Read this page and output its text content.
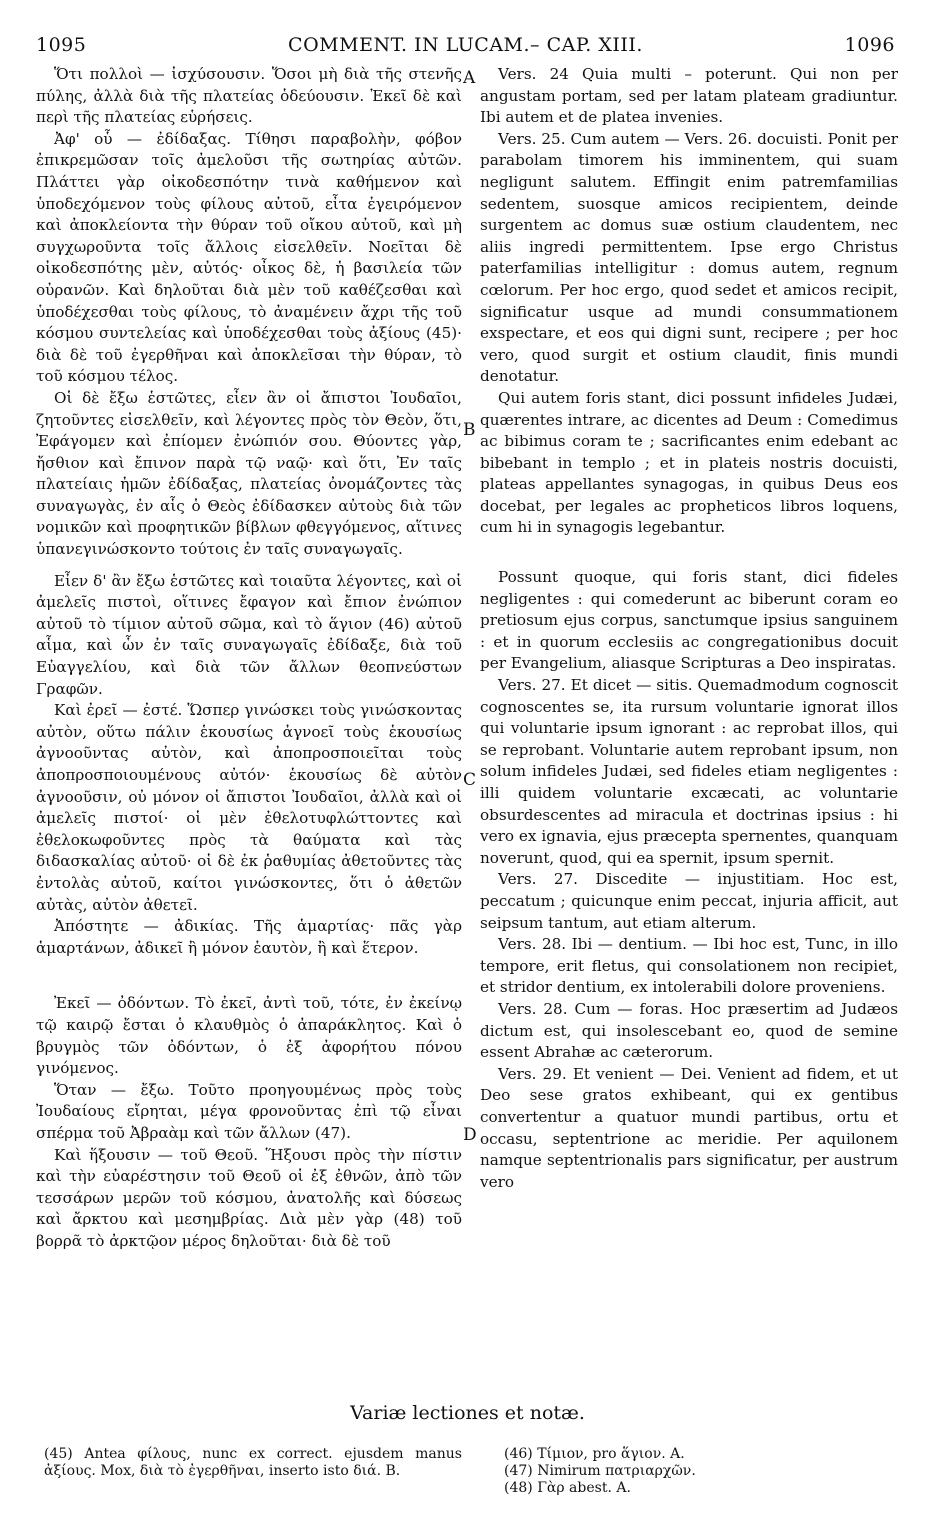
1095	COMMENT. IN LUCAM.– CAP. XIII.	1096
A
B
C
D

Ὅτι πολλοὶ — ἰσχύσουσιν. Ὅσοι μὴ διὰ τῆς στενῆς πύλης, ἀλλὰ διὰ τῆς πλατείας ὁδεύουσιν. Ἐκεῖ δὲ καὶ περὶ τῆς πλατείας εὑρήσεις.

Ἀφ' οὗ — ἐδίδαξας. Τίθησι παραβολὴν, φόβον ἐπικρεμῶσαν τοῖς ἀμελοῦσι τῆς σωτηρίας αὐτῶν. Πλάττει γὰρ οἰκοδεσπότην τινὰ καθήμενον καὶ ὑποδεχόμενον τοὺς φίλους αὐτοῦ, εἶτα ἐγειρόμενον καὶ ἀποκλείοντα τὴν θύραν τοῦ οἴκου αὐτοῦ, καὶ μὴ συγχωροῦντα τοῖς ἄλλοις εἰσελθεῖν. Νοεῖται δὲ οἰκοδεσπότης μὲν, αὐτός· οἶκος δὲ, ἡ βασιλεία τῶν οὐρανῶν. Καὶ δηλοῦται διὰ μὲν τοῦ καθέζεσθαι καὶ ὑποδέχεσθαι τοὺς φίλους, τὸ ἀναμένειν ἄχρι τῆς τοῦ κόσμου συντελείας καὶ ὑποδέχεσθαι τοὺς ἀξίους (45)· διὰ δὲ τοῦ ἐγερθῆναι καὶ ἀποκλεῖσαι τὴν θύραν, τὸ τοῦ κόσμου τέλος.

Οἱ δὲ ἔξω ἑστῶτες, εἶεν ἂν οἱ ἄπιστοι Ἰουδαῖοι, ζητοῦντες εἰσελθεῖν, καὶ λέγοντες πρὸς τὸν Θεὸν, ὅτι, Ἐφάγομεν καὶ ἐπίομεν ἐνώπιόν σου. Θύοντες γὰρ, ἤσθιον καὶ ἔπινον παρὰ τῷ ναῷ· καὶ ὅτι, Ἐν ταῖς πλατείαις ἡμῶν ἐδίδαξας, πλατείας ὀνομάζοντες τὰς συναγωγὰς, ἐν αἷς ὁ Θεὸς ἐδίδασκεν αὐτοὺς διὰ τῶν νομικῶν καὶ προφητικῶν βίβλων φθεγγόμενος, αἵτινες ὑπανεγινώσκοντο τούτοις ἐν ταῖς συναγωγαῖς.

Εἶεν δ' ἂν ἔξω ἑστῶτες καὶ τοιαῦτα λέγοντες, καὶ οἱ ἀμελεῖς πιστοὶ, οἵτινες ἔφαγον καὶ ἔπιον ἐνώπιον αὐτοῦ τὸ τίμιον αὐτοῦ σῶμα, καὶ τὸ ἅγιον (46) αὐτοῦ αἷμα, καὶ ὧν ἐν ταῖς συναγωγαῖς ἐδίδαξε, διὰ τοῦ Εὐαγγελίου, καὶ διὰ τῶν ἄλλων θεοπνεύστων Γραφῶν.

Καὶ ἐρεῖ — ἐστέ. Ὥσπερ γινώσκει τοὺς γινώσκοντας αὐτὸν, οὕτω πάλιν ἑκουσίως ἀγνοεῖ τοὺς ἑκουσίως ἀγνοοῦντας αὐτὸν, καὶ ἀποπροσποιεῖται τοὺς ἀποπροσποιουμένους αὐτόν· ἑκουσίως δὲ αὐτὸν ἀγνοοῦσιν, οὐ μόνον οἱ ἄπιστοι Ἰουδαῖοι, ἀλλὰ καὶ οἱ ἀμελεῖς πιστοί· οἱ μὲν ἐθελοτυφλώττοντες καὶ ἐθελοκωφοῦντες πρὸς τὰ θαύματα καὶ τὰς διδασκαλίας αὐτοῦ· οἱ δὲ ἐκ ῥαθυμίας ἀθετοῦντες τὰς ἐντολὰς αὐτοῦ, καίτοι γινώσκοντες, ὅτι ὁ ἀθετῶν αὐτὰς, αὐτὸν ἀθετεῖ.

Ἀπόστητε — ἀδικίας. Τῆς ἁμαρτίας· πᾶς γὰρ ἁμαρτάνων, ἀδικεῖ ἢ μόνον ἑαυτὸν, ἢ καὶ ἕτερον.

Ἐκεῖ — ὀδόντων. Τὸ ἐκεῖ, ἀντὶ τοῦ, τότε, ἐν ἐκείνῳ τῷ καιρῷ ἔσται ὁ κλαυθμὸς ὁ ἀπαράκλητος. Καὶ ὁ βρυγμὸς τῶν ὀδόντων, ὁ ἐξ ἀφορήτου πόνου γινόμενος.

Ὅταν — ἔξω. Τοῦτο προηγουμένως πρὸς τοὺς Ἰουδαίους εἴρηται, μέγα φρονοῦντας ἐπὶ τῷ εἶναι σπέρμα τοῦ Ἀβραὰμ καὶ τῶν ἄλλων (47).

Καὶ ἥξουσιν — τοῦ Θεοῦ. Ἥξουσι πρὸς τὴν πίστιν καὶ τὴν εὐαρέστησιν τοῦ Θεοῦ οἱ ἐξ ἐθνῶν, ἀπὸ τῶν τεσσάρων μερῶν τοῦ κόσμου, ἀνατολῆς καὶ δύσεως καὶ ἄρκτου καὶ μεσημβρίας. Διὰ μὲν γὰρ (48) τοῦ βορρᾶ τὸ ἀρκτῷον μέρος δηλοῦται· διὰ δὲ τοῦ

Vers. 24 Quia multi – poterunt. Qui non per angustam portam, sed per latam plateam gradiuntur. Ibi autem et de platea invenies.

Vers. 25. Cum autem — Vers. 26. docuisti. Ponit per parabolam timorem his imminentem, qui suam negligunt salutem. Effingit enim patremfamilias sedentem, suosque amicos recipientem, deinde surgentem ac domus suæ ostium claudentem, nec aliis ingredi permittentem. Ipse ergo Christus paterfamilias intelligitur : domus autem, regnum cœlorum. Per hoc ergo, quod sedet et amicos recipit, significatur usque ad mundi consummationem exspectare, et eos qui digni sunt, recipere ; per hoc vero, quod surgit et ostium claudit, finis mundi denotatur.

Qui autem foris stant, dici possunt infideles Judæi, quærentes intrare, ac dicentes ad Deum : Comedimus ac bibimus coram te ; sacrificantes enim edebant ac bibebant in templo ; et in plateis nostris docuisti, plateas appellantes synagogas, in quibus Deus eos docebat, per legales ac propheticos libros loquens, cum hi in synagogis legebantur.

Possunt quoque, qui foris stant, dici fideles negligentes : qui comederunt ac biberunt coram eo pretiosum ejus corpus, sanctumque ipsius sanguinem : et in quorum ecclesiis ac congregationibus docuit per Evangelium, aliasque Scripturas a Deo inspiratas.

Vers. 27. Et dicet — sitis. Quemadmodum cognoscit cognoscentes se, ita rursum voluntarie ignorat illos qui voluntarie ipsum ignorant : ac reprobat illos, qui se reprobant. Voluntarie autem reprobant ipsum, non solum infideles Judæi, sed fideles etiam negligentes : illi quidem voluntarie excæcati, ac voluntarie obsurdescentes ad miracula et doctrinas ipsius : hi vero ex ignavia, ejus præcepta spernentes, quanquam noverunt, quod, qui ea spernit, ipsum spernit.

Vers. 27. Discedite — injustitiam. Hoc est, peccatum ; quicunque enim peccat, injuria afficit, aut seipsum tantum, aut etiam alterum.

Vers. 28. Ibi — dentium. — Ibi hoc est, Tunc, in illo tempore, erit fletus, qui consolationem non recipiet, et stridor dentium, ex intolerabili dolore proveniens.

Vers. 28. Cum — foras. Hoc præsertim ad Judæos dictum est, qui insolescebant eo, quod de semine essent Abrahæ ac cæterorum.

Vers. 29. Et venient — Dei. Venient ad fidem, et ut Deo sese gratos exhibeant, qui ex gentibus convertentur a quatuor mundi partibus, ortu et occasu, septentrione ac meridie. Per aquilonem namque septentrionalis pars significatur, per austrum vero

Variæ lectiones et notæ.
(45) Antea φίλους, nunc ex correct. ejusdem manus ἀξίους. Mox, διὰ τὸ ἐγερθῆναι, inserto isto διά. B.
(46) Τίμιον, pro ἅγιον. A.
(47) Nimirum πατριαρχῶν.
(48) Γὰρ abest. A.
